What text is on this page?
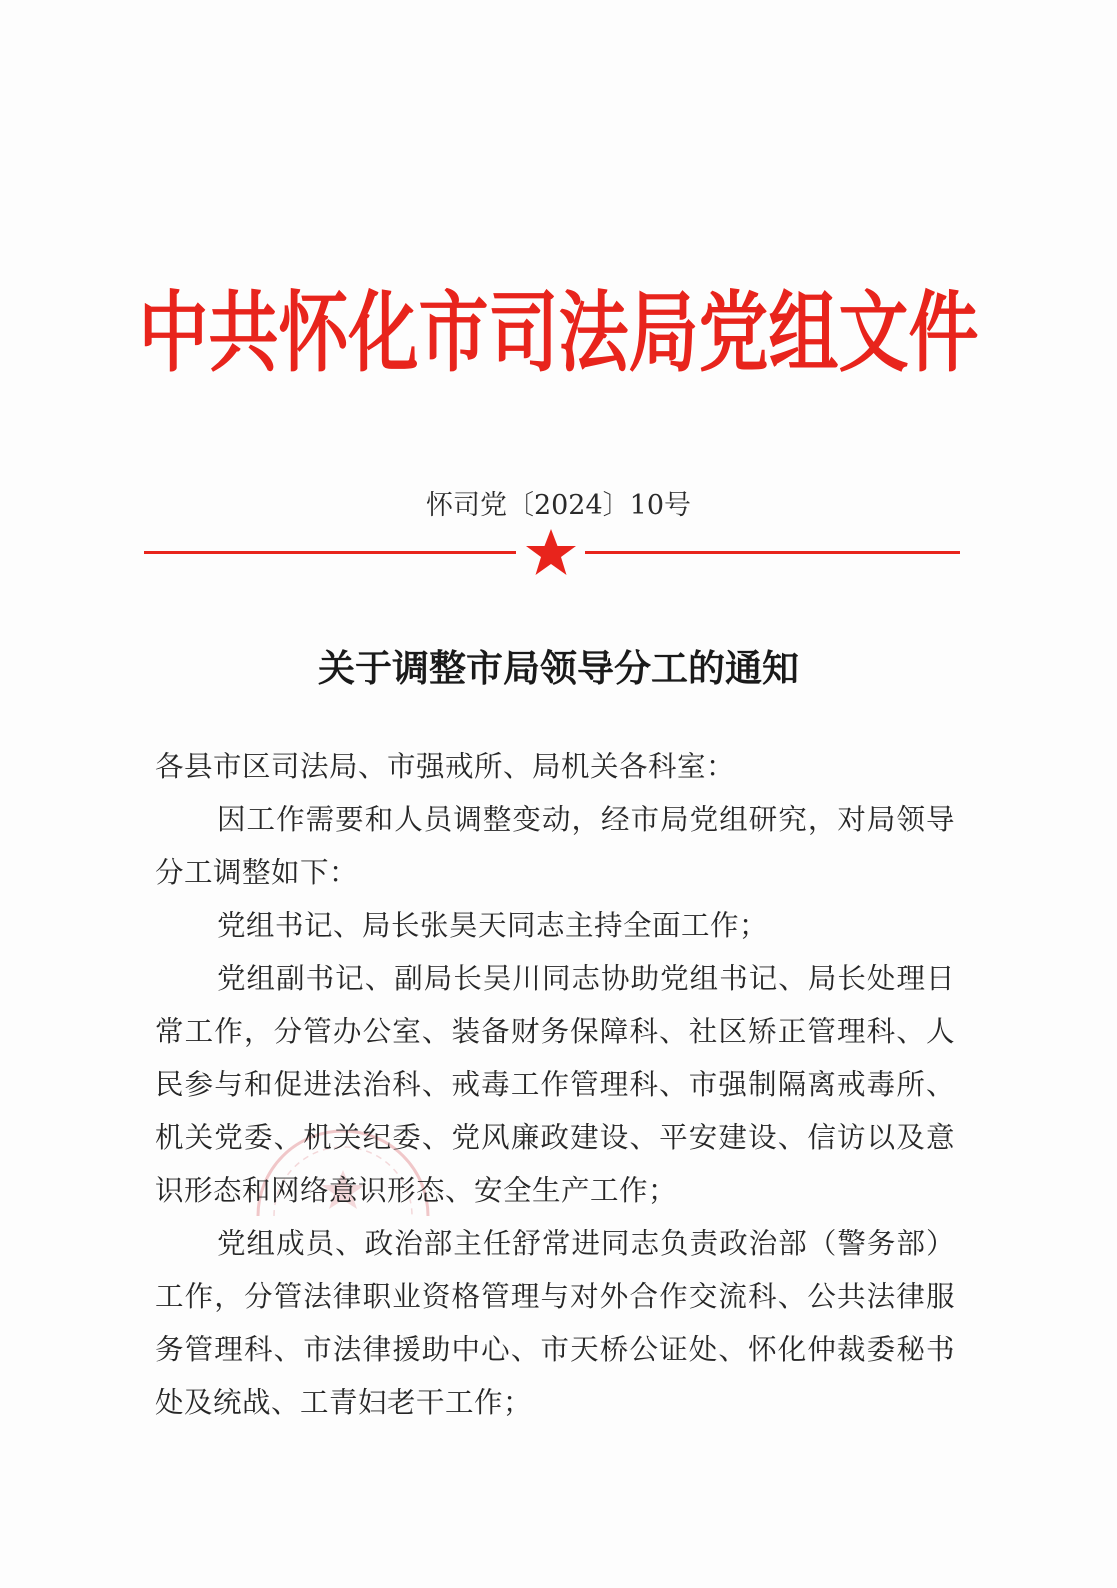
中共怀化市司法局党组文件
怀司党〔2024〕10号
关于调整市局领导分工的通知

各县市区司法局、市强戒所、局机关各科室：

因工作需要和人员调整变动，经市局党组研究，对局领导分工调整如下：

党组书记、局长张昊天同志主持全面工作；

党组副书记、副局长吴川同志协助党组书记、局长处理日常工作，分管办公室、装备财务保障科、社区矫正管理科、人民参与和促进法治科、戒毒工作管理科、市强制隔离戒毒所、机关党委、机关纪委、党风廉政建设、平安建设、信访以及意识形态和网络意识形态、安全生产工作；

党组成员、政治部主任舒常进同志负责政治部（警务部）工作，分管法律职业资格管理与对外合作交流科、公共法律服务管理科、市法律援助中心、市天桥公证处、怀化仲裁委秘书处及统战、工青妇老干工作；
